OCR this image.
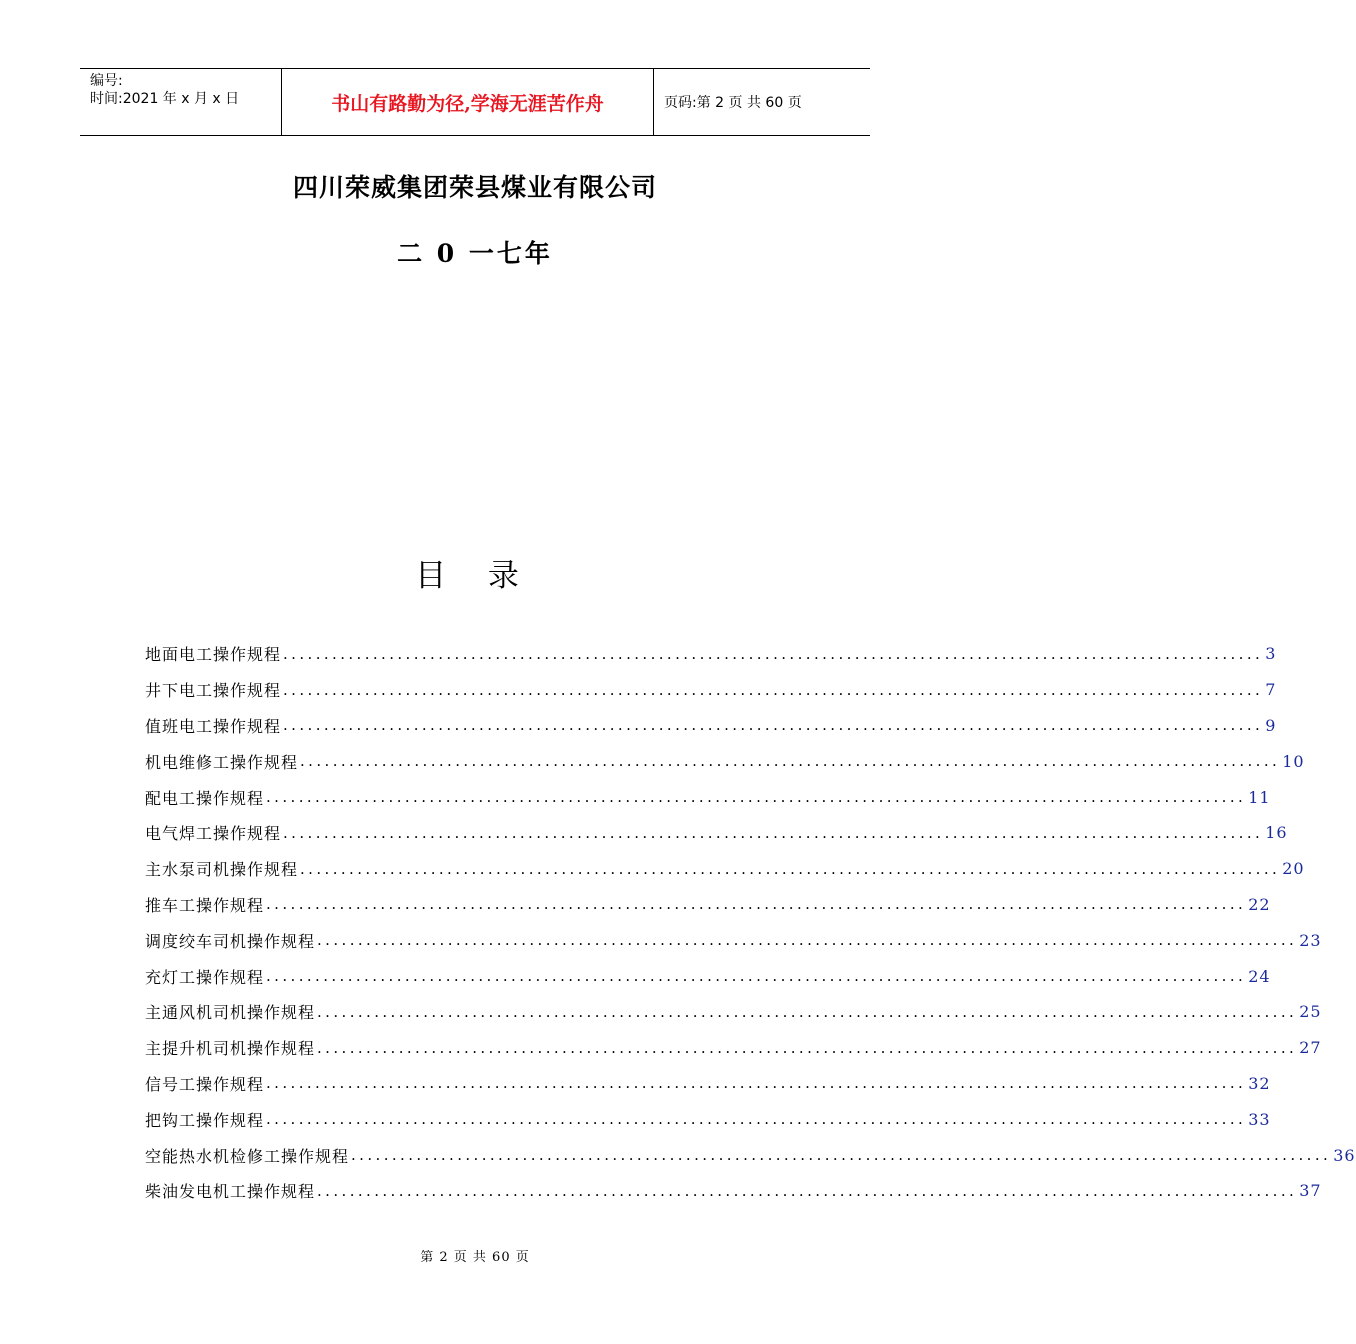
编号:
时间:2021 年 x 月 x 日	书山有路勤为径,学海无涯苦作舟	页码:第 2 页 共 60 页
四川荣威集团荣县煤业有限公司
二 0 一七年
目 录
地面电工操作规程 ........................................................................................................................ 3
井下电工操作规程 ........................................................................................................................ 7
值班电工操作规程 ........................................................................................................................ 9
机电维修工操作规程 ........................................................................................................................ 10
配电工操作规程 ........................................................................................................................ 11
电气焊工操作规程 ........................................................................................................................ 16
主水泵司机操作规程 ........................................................................................................................ 20
推车工操作规程 ........................................................................................................................ 22
调度绞车司机操作规程 ........................................................................................................................ 23
充灯工操作规程 ........................................................................................................................ 24
主通风机司机操作规程 ........................................................................................................................ 25
主提升机司机操作规程 ........................................................................................................................ 27
信号工操作规程 ........................................................................................................................ 32
把钩工操作规程 ........................................................................................................................ 33
空能热水机检修工操作规程 ........................................................................................................................ 36
柴油发电机工操作规程 ........................................................................................................................ 37
第 2 页 共 60 页
